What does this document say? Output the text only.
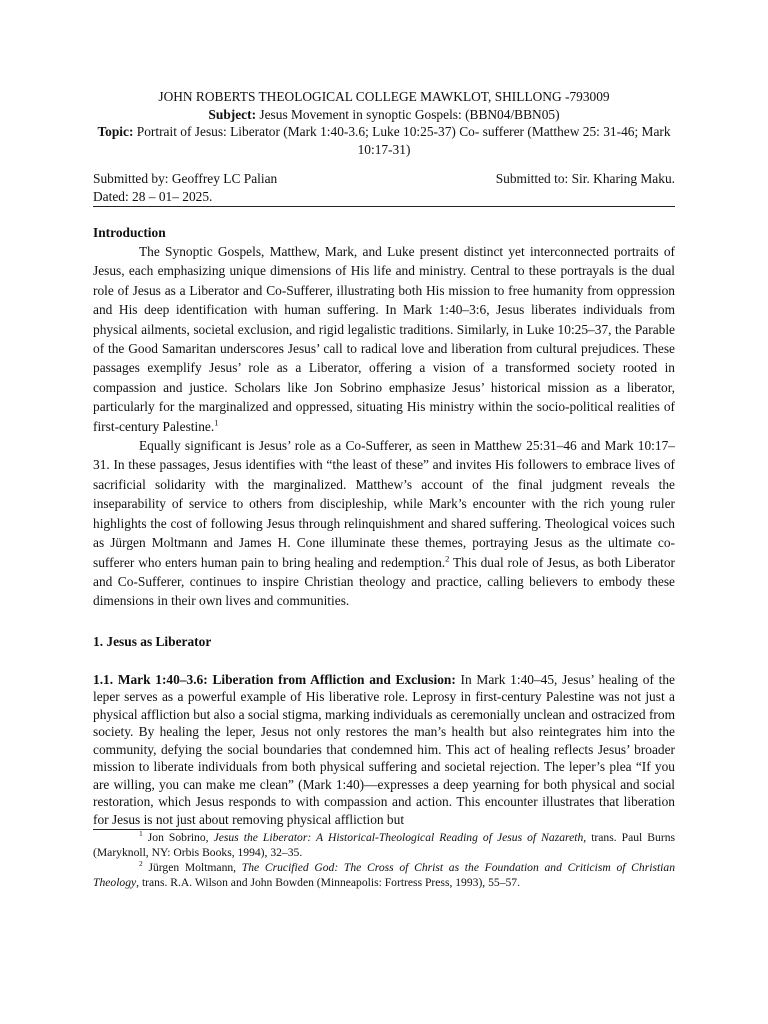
JOHN ROBERTS THEOLOGICAL COLLEGE MAWKLOT, SHILLONG -793009
Subject: Jesus Movement in synoptic Gospels: (BBN04/BBN05)
Topic: Portrait of Jesus: Liberator (Mark 1:40-3.6; Luke 10:25-37) Co- sufferer (Matthew 25: 31-46; Mark 10:17-31)
Submitted by: Geoffrey LC Palian	Submitted to: Sir. Kharing Maku.
Dated: 28 – 01– 2025.
Introduction

The Synoptic Gospels, Matthew, Mark, and Luke present distinct yet interconnected portraits of Jesus, each emphasizing unique dimensions of His life and ministry. Central to these portrayals is the dual role of Jesus as a Liberator and Co-Sufferer, illustrating both His mission to free humanity from oppression and His deep identification with human suffering. In Mark 1:40–3:6, Jesus liberates individuals from physical ailments, societal exclusion, and rigid legalistic traditions. Similarly, in Luke 10:25–37, the Parable of the Good Samaritan underscores Jesus’ call to radical love and liberation from cultural prejudices. These passages exemplify Jesus’ role as a Liberator, offering a vision of a transformed society rooted in compassion and justice. Scholars like Jon Sobrino emphasize Jesus’ historical mission as a liberator, particularly for the marginalized and oppressed, situating His ministry within the socio-political realities of first-century Palestine.$^1$

Equally significant is Jesus’ role as a Co-Sufferer, as seen in Matthew 25:31–46 and Mark 10:17–31. In these passages, Jesus identifies with “the least of these” and invites His followers to embrace lives of sacrificial solidarity with the marginalized. Matthew’s account of the final judgment reveals the inseparability of service to others from discipleship, while Mark’s encounter with the rich young ruler highlights the cost of following Jesus through relinquishment and shared suffering. Theological voices such as Jürgen Moltmann and James H. Cone illuminate these themes, portraying Jesus as the ultimate co-sufferer who enters human pain to bring healing and redemption.$^2$ This dual role of Jesus, as both Liberator and Co-Sufferer, continues to inspire Christian theology and practice, calling believers to embody these dimensions in their own lives and communities.

1. Jesus as Liberator

1.1. Mark 1:40–3.6: Liberation from Affliction and Exclusion: In Mark 1:40–45, Jesus’ healing of the leper serves as a powerful example of His liberative role. Leprosy in first-century Palestine was not just a physical affliction but also a social stigma, marking individuals as ceremonially unclean and ostracized from society. By healing the leper, Jesus not only restores the man’s health but also reintegrates him into the community, defying the social boundaries that condemned him. This act of healing reflects Jesus’ broader mission to liberate individuals from both physical suffering and societal rejection. The leper’s plea “If you are willing, you can make me clean” (Mark 1:40)—expresses a deep yearning for both physical and social restoration, which Jesus responds to with compassion and action. This encounter illustrates that liberation for Jesus is not just about removing physical affliction but

$^1$ Jon Sobrino, Jesus the Liberator: A Historical-Theological Reading of Jesus of Nazareth, trans. Paul Burns (Maryknoll, NY: Orbis Books, 1994), 32–35.

$^2$ Jürgen Moltmann, The Crucified God: The Cross of Christ as the Foundation and Criticism of Christian Theology, trans. R.A. Wilson and John Bowden (Minneapolis: Fortress Press, 1993), 55–57.
